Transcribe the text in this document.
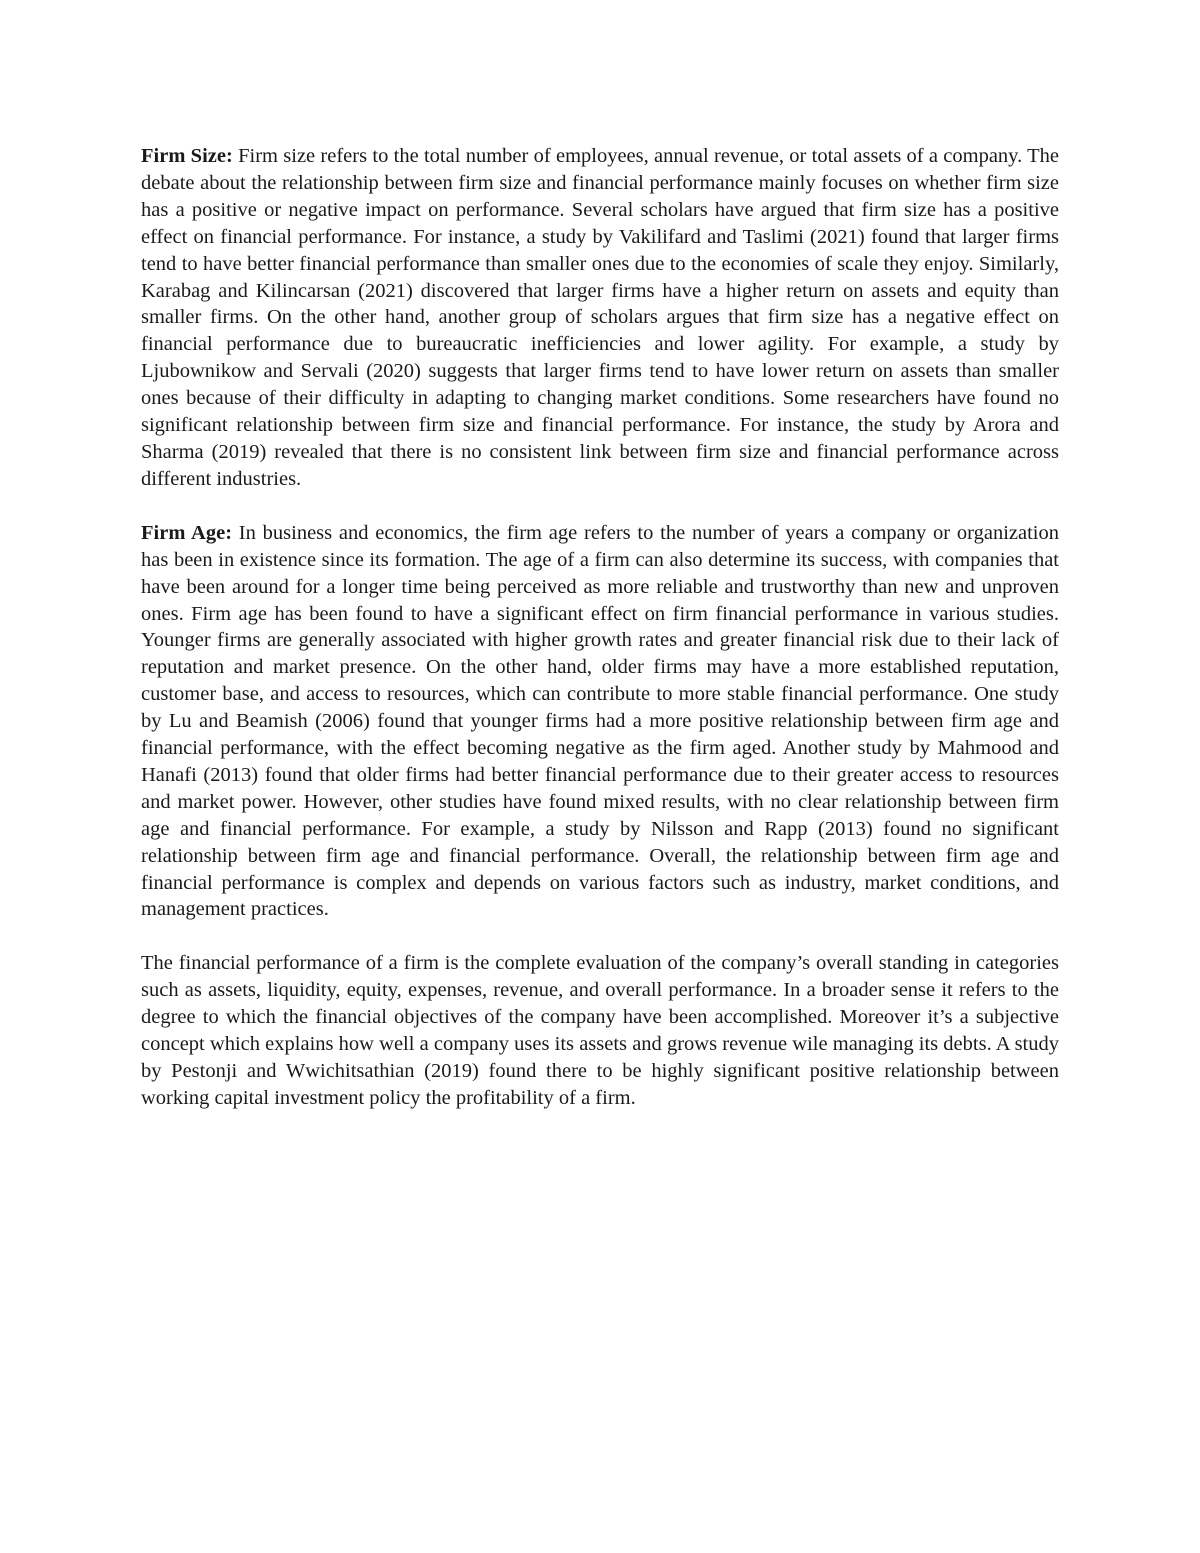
Firm Size: Firm size refers to the total number of employees, annual revenue, or total assets of a company. The debate about the relationship between firm size and financial performance mainly focuses on whether firm size has a positive or negative impact on performance. Several scholars have argued that firm size has a positive effect on financial performance. For instance, a study by Vakilifard and Taslimi (2021) found that larger firms tend to have better financial performance than smaller ones due to the economies of scale they enjoy. Similarly, Karabag and Kilincarsan (2021) discovered that larger firms have a higher return on assets and equity than smaller firms. On the other hand, another group of scholars argues that firm size has a negative effect on financial performance due to bureaucratic inefficiencies and lower agility. For example, a study by Ljubownikow and Servali (2020) suggests that larger firms tend to have lower return on assets than smaller ones because of their difficulty in adapting to changing market conditions. Some researchers have found no significant relationship between firm size and financial performance. For instance, the study by Arora and Sharma (2019) revealed that there is no consistent link between firm size and financial performance across different industries.

Firm Age: In business and economics, the firm age refers to the number of years a company or organization has been in existence since its formation. The age of a firm can also determine its success, with companies that have been around for a longer time being perceived as more reliable and trustworthy than new and unproven ones. Firm age has been found to have a significant effect on firm financial performance in various studies. Younger firms are generally associated with higher growth rates and greater financial risk due to their lack of reputation and market presence. On the other hand, older firms may have a more established reputation, customer base, and access to resources, which can contribute to more stable financial performance. One study by Lu and Beamish (2006) found that younger firms had a more positive relationship between firm age and financial performance, with the effect becoming negative as the firm aged. Another study by Mahmood and Hanafi (2013) found that older firms had better financial performance due to their greater access to resources and market power. However, other studies have found mixed results, with no clear relationship between firm age and financial performance. For example, a study by Nilsson and Rapp (2013) found no significant relationship between firm age and financial performance. Overall, the relationship between firm age and financial performance is complex and depends on various factors such as industry, market conditions, and management practices.

The financial performance of a firm is the complete evaluation of the company’s overall standing in categories such as assets, liquidity, equity, expenses, revenue, and overall performance. In a broader sense it refers to the degree to which the financial objectives of the company have been accomplished. Moreover it’s a subjective concept which explains how well a company uses its assets and grows revenue wile managing its debts. A study by Pestonji and Wwichitsathian (2019) found there to be highly significant positive relationship between working capital investment policy the profitability of a firm.
